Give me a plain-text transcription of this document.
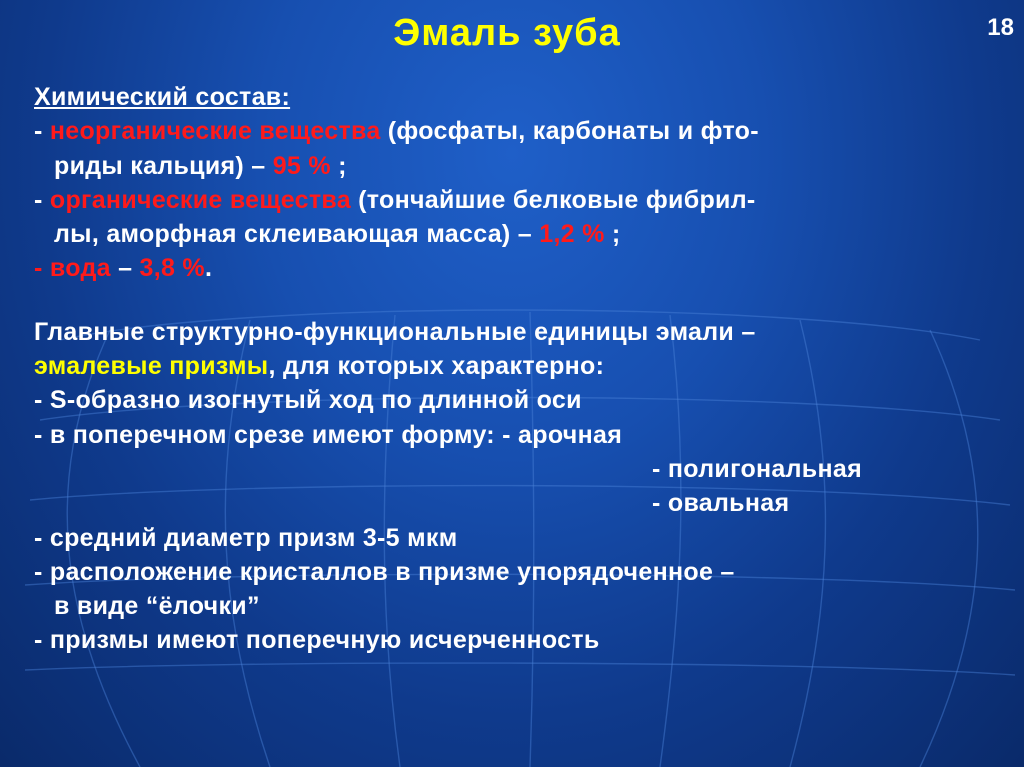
Эмаль зуба	18
Химический состав:
- неорганические вещества (фосфаты, карбонаты и фто-
риды кальция) – 95 % ;
- органические вещества (тончайшие белковые фибрил-
лы, аморфная склеивающая масса) – 1,2 % ;
- вода – 3,8 %.
Главные структурно-функциональные единицы эмали –
эмалевые призмы, для которых характерно:
- S-образно изогнутый ход по длинной оси
- в поперечном срезе имеют форму: - арочная
- полигональная
- овальная
- средний диаметр призм 3-5 мкм
- расположение кристаллов в призме упорядоченное –
в виде “ёлочки”
- призмы имеют поперечную исчерченность
